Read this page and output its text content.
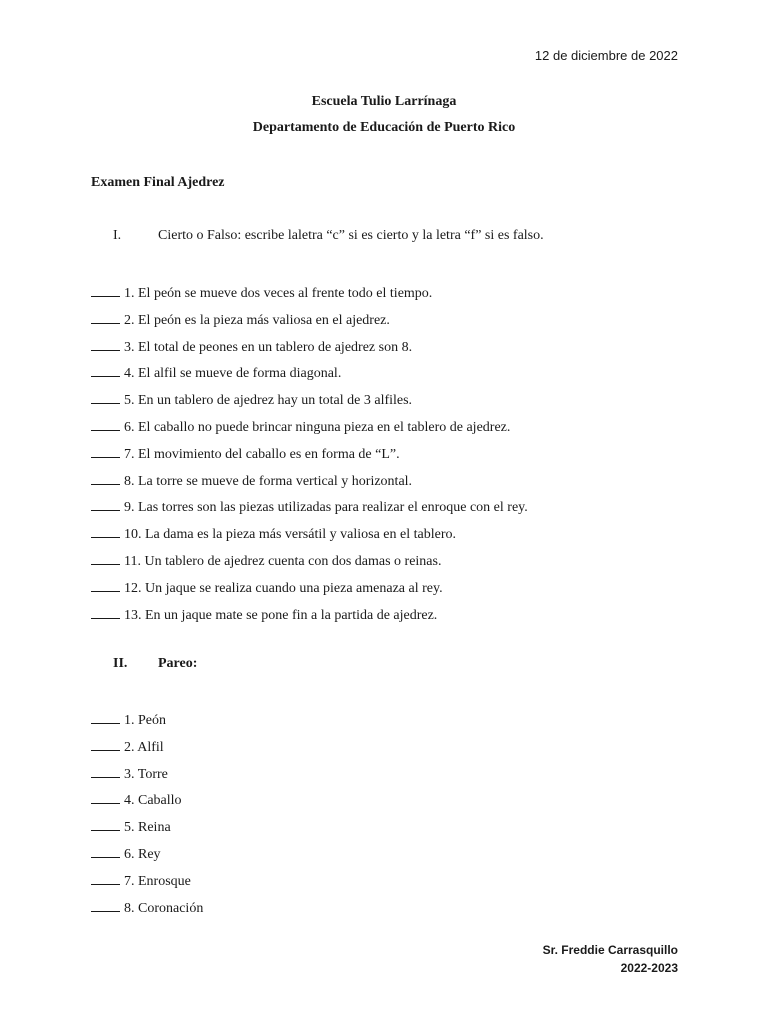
12 de diciembre de 2022
Escuela Tulio Larrínaga
Departamento de Educación de Puerto Rico
Examen Final Ajedrez
I.	Cierto o Falso: escribe laletra “c” si es cierto y la letra “f” si es falso.
1. El peón se mueve dos veces al frente todo el tiempo.
2. El peón es la pieza más valiosa en el ajedrez.
3. El total de peones en un tablero de ajedrez son 8.
4. El alfil se mueve de forma diagonal.
5. En un tablero de ajedrez hay un total de 3 alfiles.
6. El caballo no puede brincar ninguna pieza en el tablero de ajedrez.
7. El movimiento del caballo es en forma de “L”.
8. La torre se mueve de forma vertical y horizontal.
9. Las torres son las piezas utilizadas para realizar el enroque con el rey.
10. La dama es la pieza más versátil y valiosa en el tablero.
11. Un tablero de ajedrez cuenta con dos damas o reinas.
12. Un jaque se realiza cuando una pieza amenaza al rey.
13. En un jaque mate se pone fin a la partida de ajedrez.
II. Pareo:
1. Peón
2. Alfil
3. Torre
4. Caballo
5. Reina
6. Rey
7. Enrosque
8. Coronación
Sr. Freddie Carrasquillo
2022-2023
